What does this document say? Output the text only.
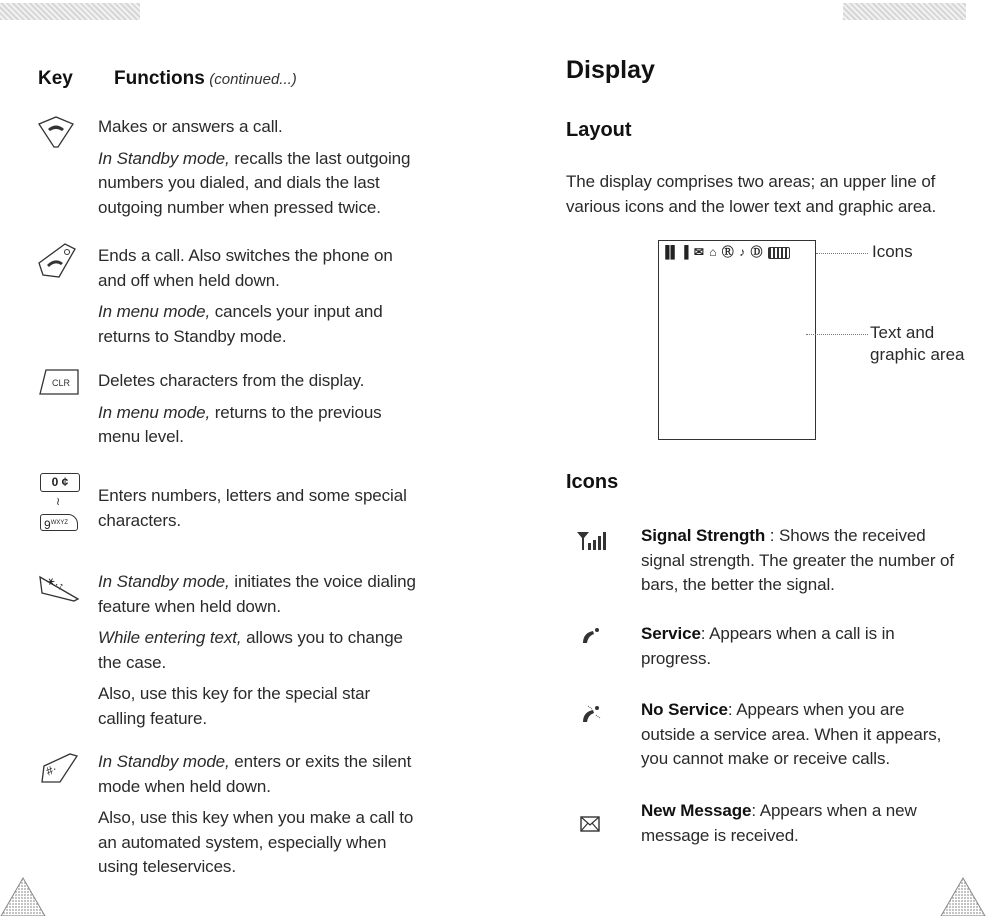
Key Functions (continued...)
Makes or answers a call.
In Standby mode, recalls the last outgoing
numbers you dialed, and dials the last
outgoing number when pressed twice.
Ends a call. Also switches the phone on
and off when held down.
In menu mode, cancels your input and
returns to Standby mode.
CLR Deletes characters from the display.
In menu mode, returns to the previous
menu level.
0 ¢
≀
$9^{WXYZ}$
Enters numbers, letters and some special
characters.
∗·↑ In Standby mode, initiates the voice dialing
feature when held down.
While entering text, allows you to change
the case.
Also, use this key for the special star
calling feature.
#· In Standby mode, enters or exits the silent
mode when held down.
Also, use this key when you make a call to
an automated system, especially when
using teleservices.
Display
Layout
The display comprises two areas; an upper line of
various icons and the lower text and graphic area.
▐▌▐ ✉ ⌂ Ⓡ ♪ Ⓓ	Icons
Text and
graphic area
Icons
Signal Strength : Shows the received
signal strength. The greater the number of
bars, the better the signal.
Service: Appears when a call is in
progress.
No Service: Appears when you are
outside a service area. When it appears,
you cannot make or receive calls.
New Message: Appears when a new
message is received.
